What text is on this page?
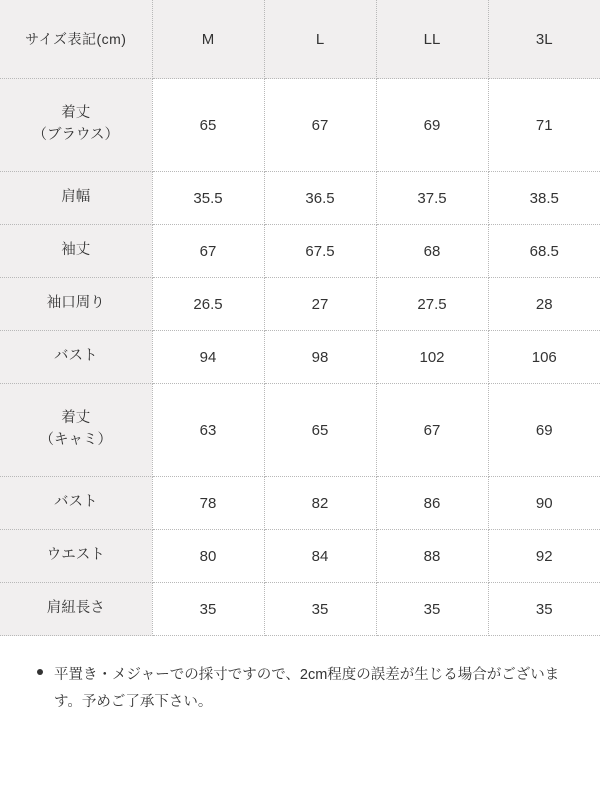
サイズ表記(cm)	M	L	LL	3L

着丈
（ブラウス）	65	67	69	71
肩幅	35.5	36.5	37.5	38.5
袖丈	67	67.5	68	68.5
袖口周り	26.5	27	27.5	28
バスト	94	98	102	106

着丈
（キャミ）	63	65	67	69
バスト	78	82	86	90
ウエスト	80	84	88	92
肩紐長さ	35	35	35	35
平置き・メジャーでの採寸ですので、2cm程度の誤差が生じる場合がございます。予めご了承下さい。
